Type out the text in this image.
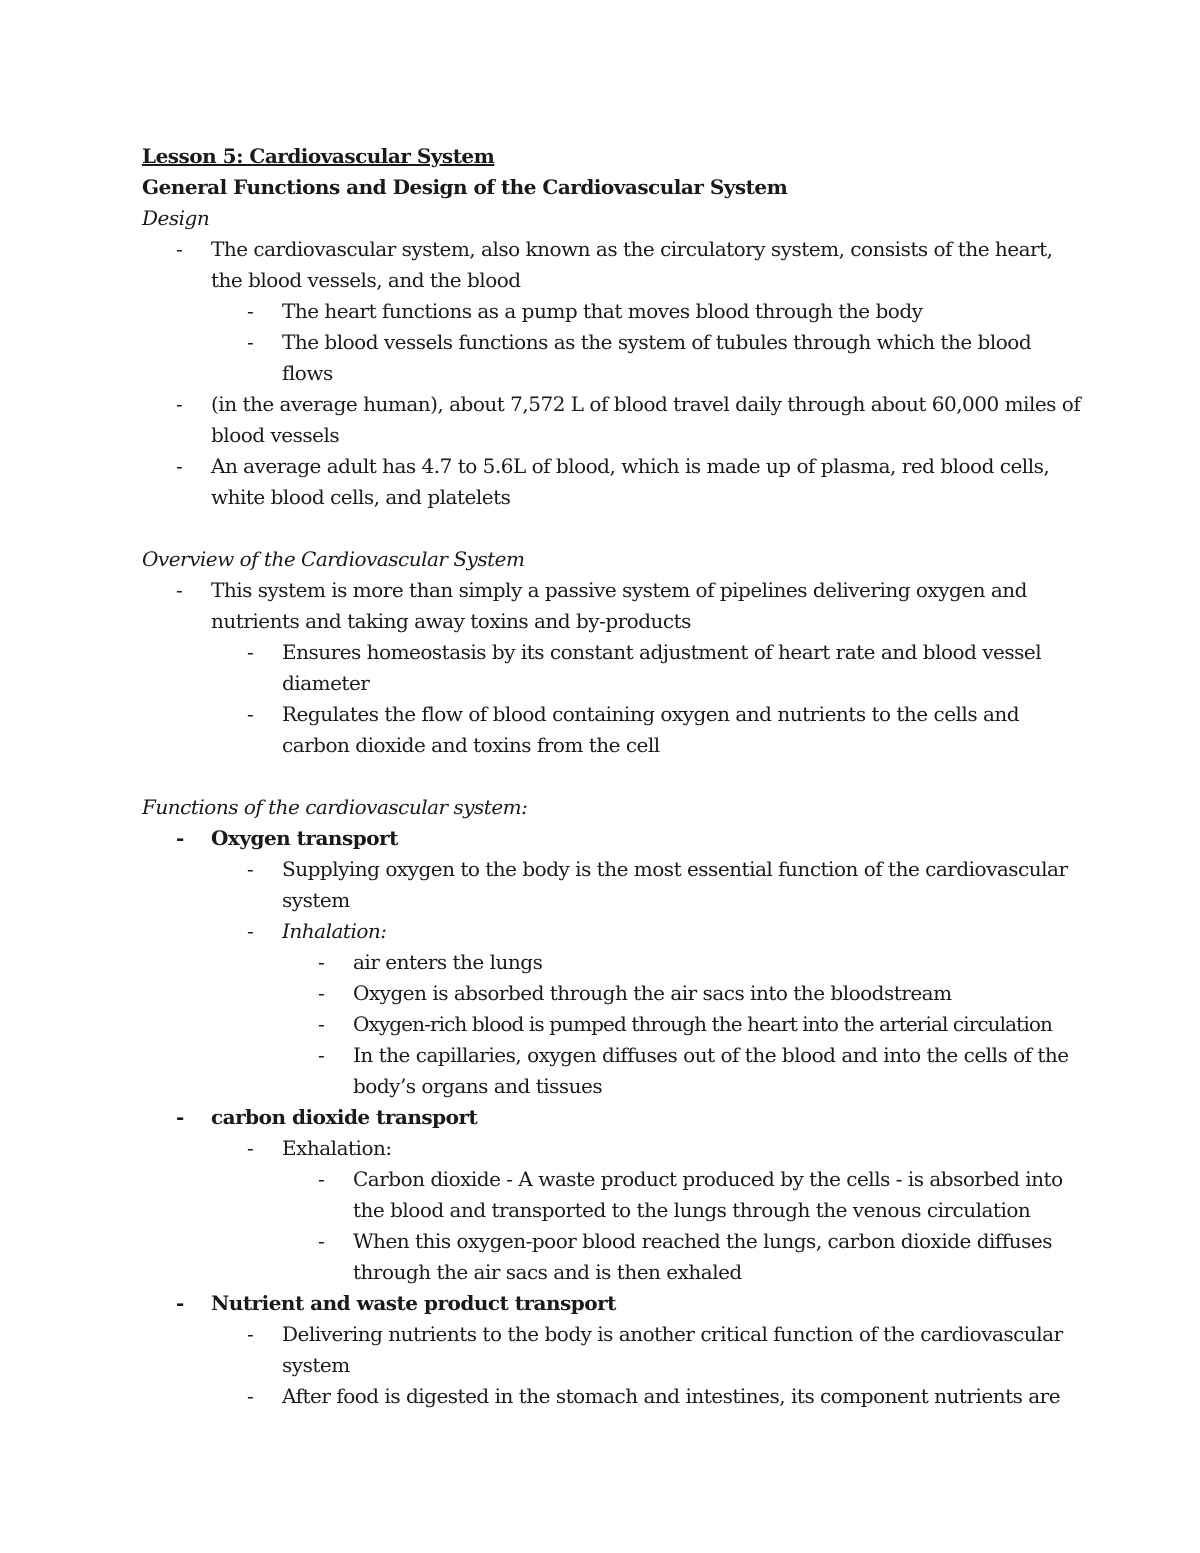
Lesson 5: Cardiovascular System
General Functions and Design of the Cardiovascular System
Design
- The cardiovascular system, also known as the circulatory system, consists of the heart, the blood vessels, and the blood
- The heart functions as a pump that moves blood through the body
- The blood vessels functions as the system of tubules through which the blood flows
- (in the average human), about 7,572 L of blood travel daily through about 60,000 miles of blood vessels
- An average adult has 4.7 to 5.6L of blood, which is made up of plasma, red blood cells, white blood cells, and platelets
Overview of the Cardiovascular System
- This system is more than simply a passive system of pipelines delivering oxygen and nutrients and taking away toxins and by-products
- Ensures homeostasis by its constant adjustment of heart rate and blood vessel diameter
- Regulates the flow of blood containing oxygen and nutrients to the cells and carbon dioxide and toxins from the cell
Functions of the cardiovascular system:
- Oxygen transport
- Supplying oxygen to the body is the most essential function of the cardiovascular system
- Inhalation:
- air enters the lungs
- Oxygen is absorbed through the air sacs into the bloodstream
- Oxygen-rich blood is pumped through the heart into the arterial circulation
- In the capillaries, oxygen diffuses out of the blood and into the cells of the body’s organs and tissues
- carbon dioxide transport
- Exhalation:
- Carbon dioxide - A waste product produced by the cells - is absorbed into the blood and transported to the lungs through the venous circulation
- When this oxygen-poor blood reached the lungs, carbon dioxide diffuses through the air sacs and is then exhaled
- Nutrient and waste product transport
- Delivering nutrients to the body is another critical function of the cardiovascular system
- After food is digested in the stomach and intestines, its component nutrients are
